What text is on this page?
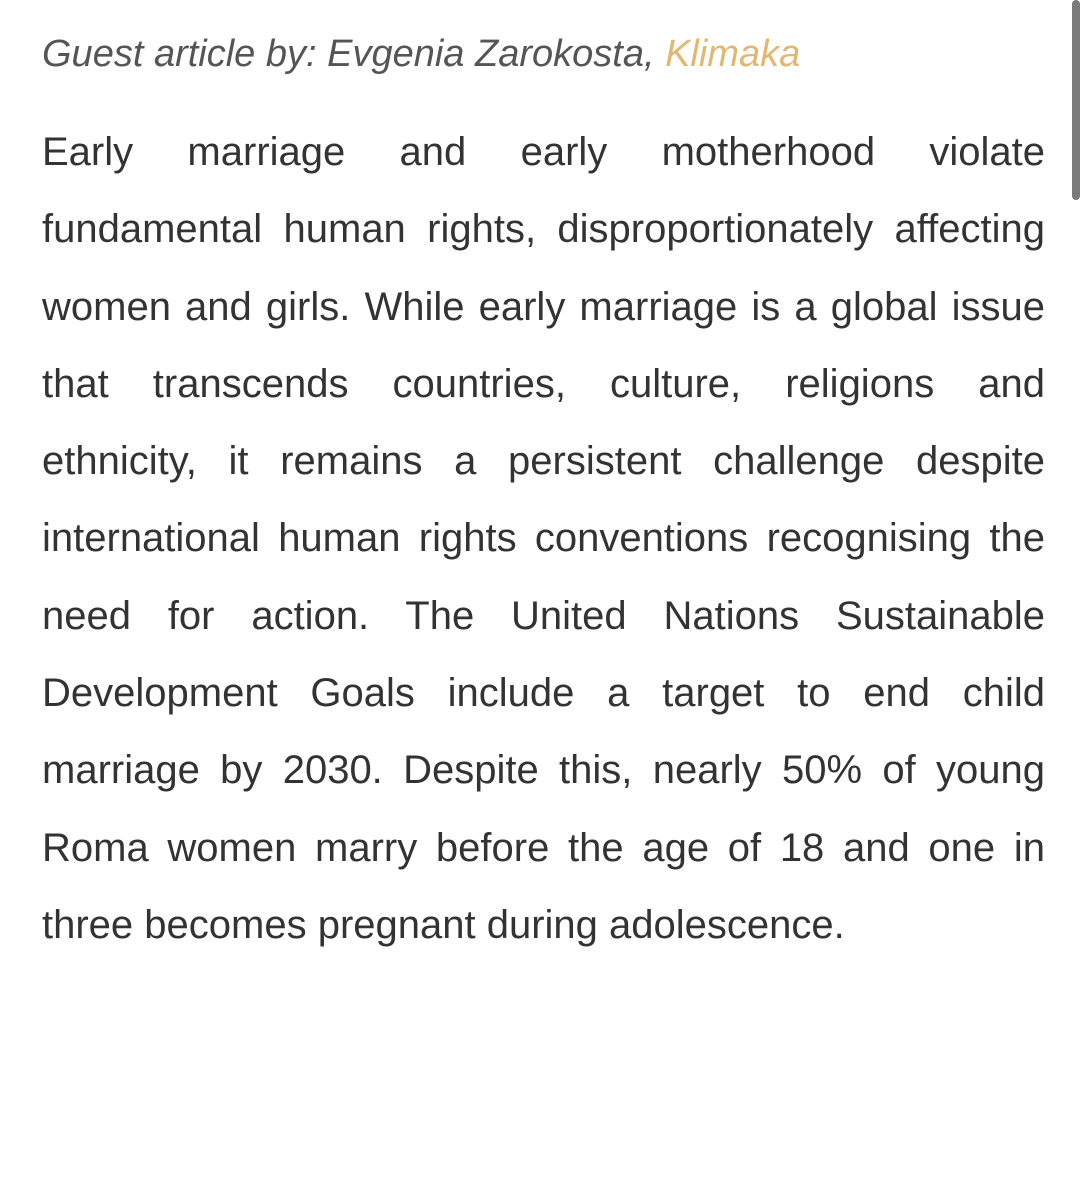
Guest article by: Evgenia Zarokosta, Klimaka

Early marriage and early motherhood violate fundamental human rights, disproportionately affecting women and girls. While early marriage is a global issue that transcends countries, culture, religions and ethnicity, it remains a persistent challenge despite international human rights conventions recognising the need for action. The United Nations Sustainable Development Goals include a target to end child marriage by 2030. Despite this, nearly 50% of young Roma women marry before the age of 18 and one in three becomes pregnant during adolescence.
